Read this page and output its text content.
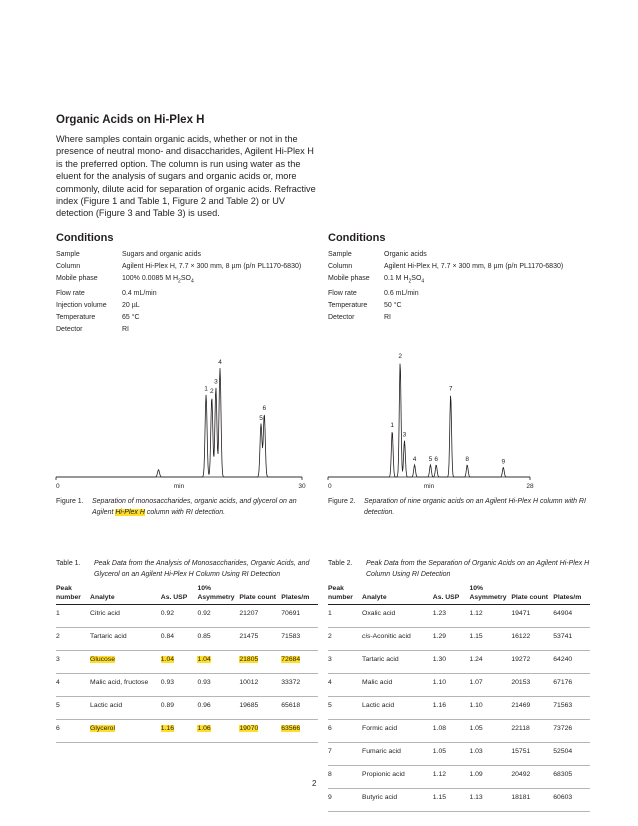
Organic Acids on Hi-Plex H
Where samples contain organic acids, whether or not in the presence of neutral mono- and disaccharides, Agilent Hi-Plex H is the preferred option. The column is run using water as the eluent for the analysis of sugars and organic acids or, more commonly, dilute acid for separation of organic acids. Refractive index (Figure 1 and Table 1, Figure 2 and Table 2) or UV detection (Figure 3 and Table 3) is used.
Conditions
Sample	Sugars and organic acids
Column	Agilent Hi-Plex H, 7.7 × 300 mm, 8 µm (p/n PL1170-6830)
Mobile phase	100% 0.0085 M $H_2SO_4$
Flow rate	0.4 mL/min
Injection volume	20 µL
Temperature	65 °C
Detector	RI
Conditions
Sample	Organic acids
Column	Agilent Hi-Plex H, 7.7 × 300 mm, 8 µm (p/n PL1170-6830)
Mobile phase	0.1 M $H_2SO_4$
Flow rate	0.6 mL/min
Temperature	50 °C
Detector	RI
0	30
min
1 2
3
4
5
6
0	28
min
1
2
3
4 5 6
7
8	9
Figure 1.	Separation of monosaccharides, organic acids, and glycerol on an Agilent Hi-Plex H column with RI detection.
Figure 2.	Separation of nine organic acids on an Agilent Hi-Plex H column with RI detection.
Table 1.	Peak Data from the Analysis of Monosaccharides, Organic Acids, and Glycerol on an Agilent Hi-Plex H Column Using RI Detection
Table 2.	Peak Data from the Separation of Organic Acids on an Agilent Hi-Plex H Column Using RI Detection
Peak number	Analyte	As. USP	10% Asymmetry	Plate count	Plates/m
1	Citric acid	0.92	0.92	21207	70691
2	Tartaric acid	0.84	0.85	21475	71583
3	Glucose	1.04	1.04	21805	72684
4	Malic acid, fructose	0.93	0.93	10012	33372
5	Lactic acid	0.89	0.96	19685	65618
6	Glycerol	1.16	1.06	19070	63566
Peak number	Analyte	As. USP	10% Asymmetry	Plate count	Plates/m
1	Oxalic acid	1.23	1.12	19471	64904
2	cis-Aconitic acid	1.29	1.15	16122	53741
3	Tartaric acid	1.30	1.24	19272	64240
4	Malic acid	1.10	1.07	20153	67176
5	Lactic acid	1.16	1.10	21469	71563
6	Formic acid	1.08	1.05	22118	73726
7	Fumaric acid	1.05	1.03	15751	52504
8	Propionic acid	1.12	1.09	20492	68305
9	Butyric acid	1.15	1.13	18181	60603
2
